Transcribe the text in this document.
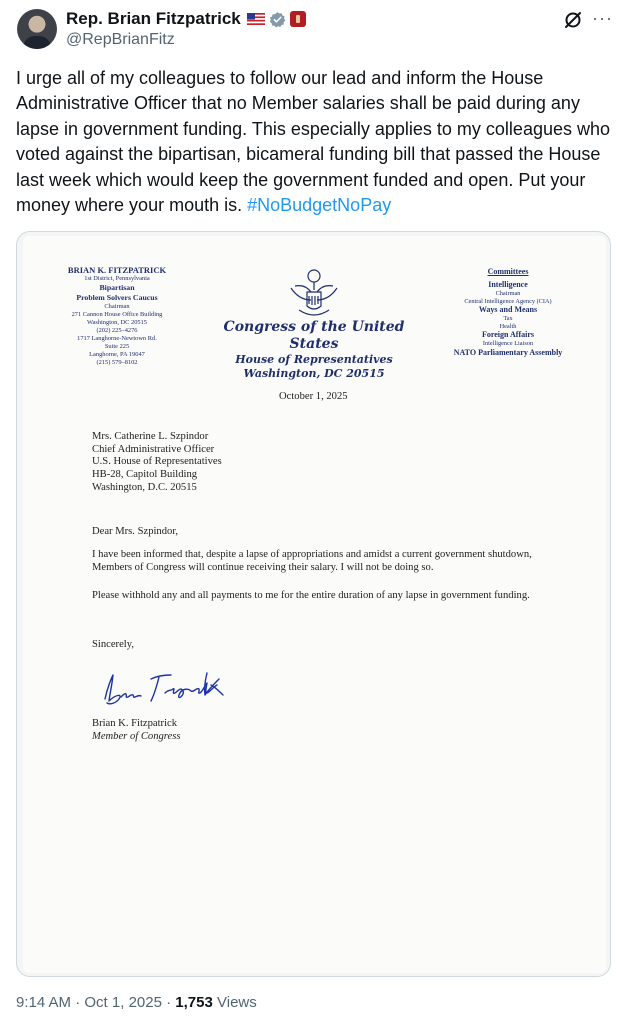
Rep. Brian Fitzpatrick
@RepBrianFitz
···
I urge all of my colleagues to follow our lead and inform the House Administrative Officer that no Member salaries shall be paid during any lapse in government funding. This especially applies to my colleagues who voted against the bipartisan, bicameral funding bill that passed the House last week which would keep the government funded and open. Put your money where your mouth is. #NoBudgetNoPay
BRIAN K. FITZPATRICK
1st District, Pennsylvania
Bipartisan
Problem Solvers Caucus
Chairman
271 Cannon House Office Building
Washington, DC 20515
(202) 225–4276
1717 Langhorne-Newtown Rd.
Suite 225
Langhorne, PA 19047
(215) 579–8102
Congress of the United States
House of Representatives
Washington, DC 20515
Committees
Intelligence
Chairman
Central Intelligence Agency (CIA)
Ways and Means
Tax
Health
Foreign Affairs
Intelligence Liaison
NATO Parliamentary Assembly
October 1, 2025
Mrs. Catherine L. Szpindor
Chief Administrative Officer
U.S. House of Representatives
HB-28, Capitol Building
Washington, D.C. 20515
Dear Mrs. Szpindor,
I have been informed that, despite a lapse of appropriations and amidst a current government shutdown, Members of Congress will continue receiving their salary. I will not be doing so.
Please withhold any and all payments to me for the entire duration of any lapse in government funding.
Sincerely,
Brian K. Fitzpatrick
Member of Congress
9:14 AM · Oct 1, 2025 · 1,753 Views
